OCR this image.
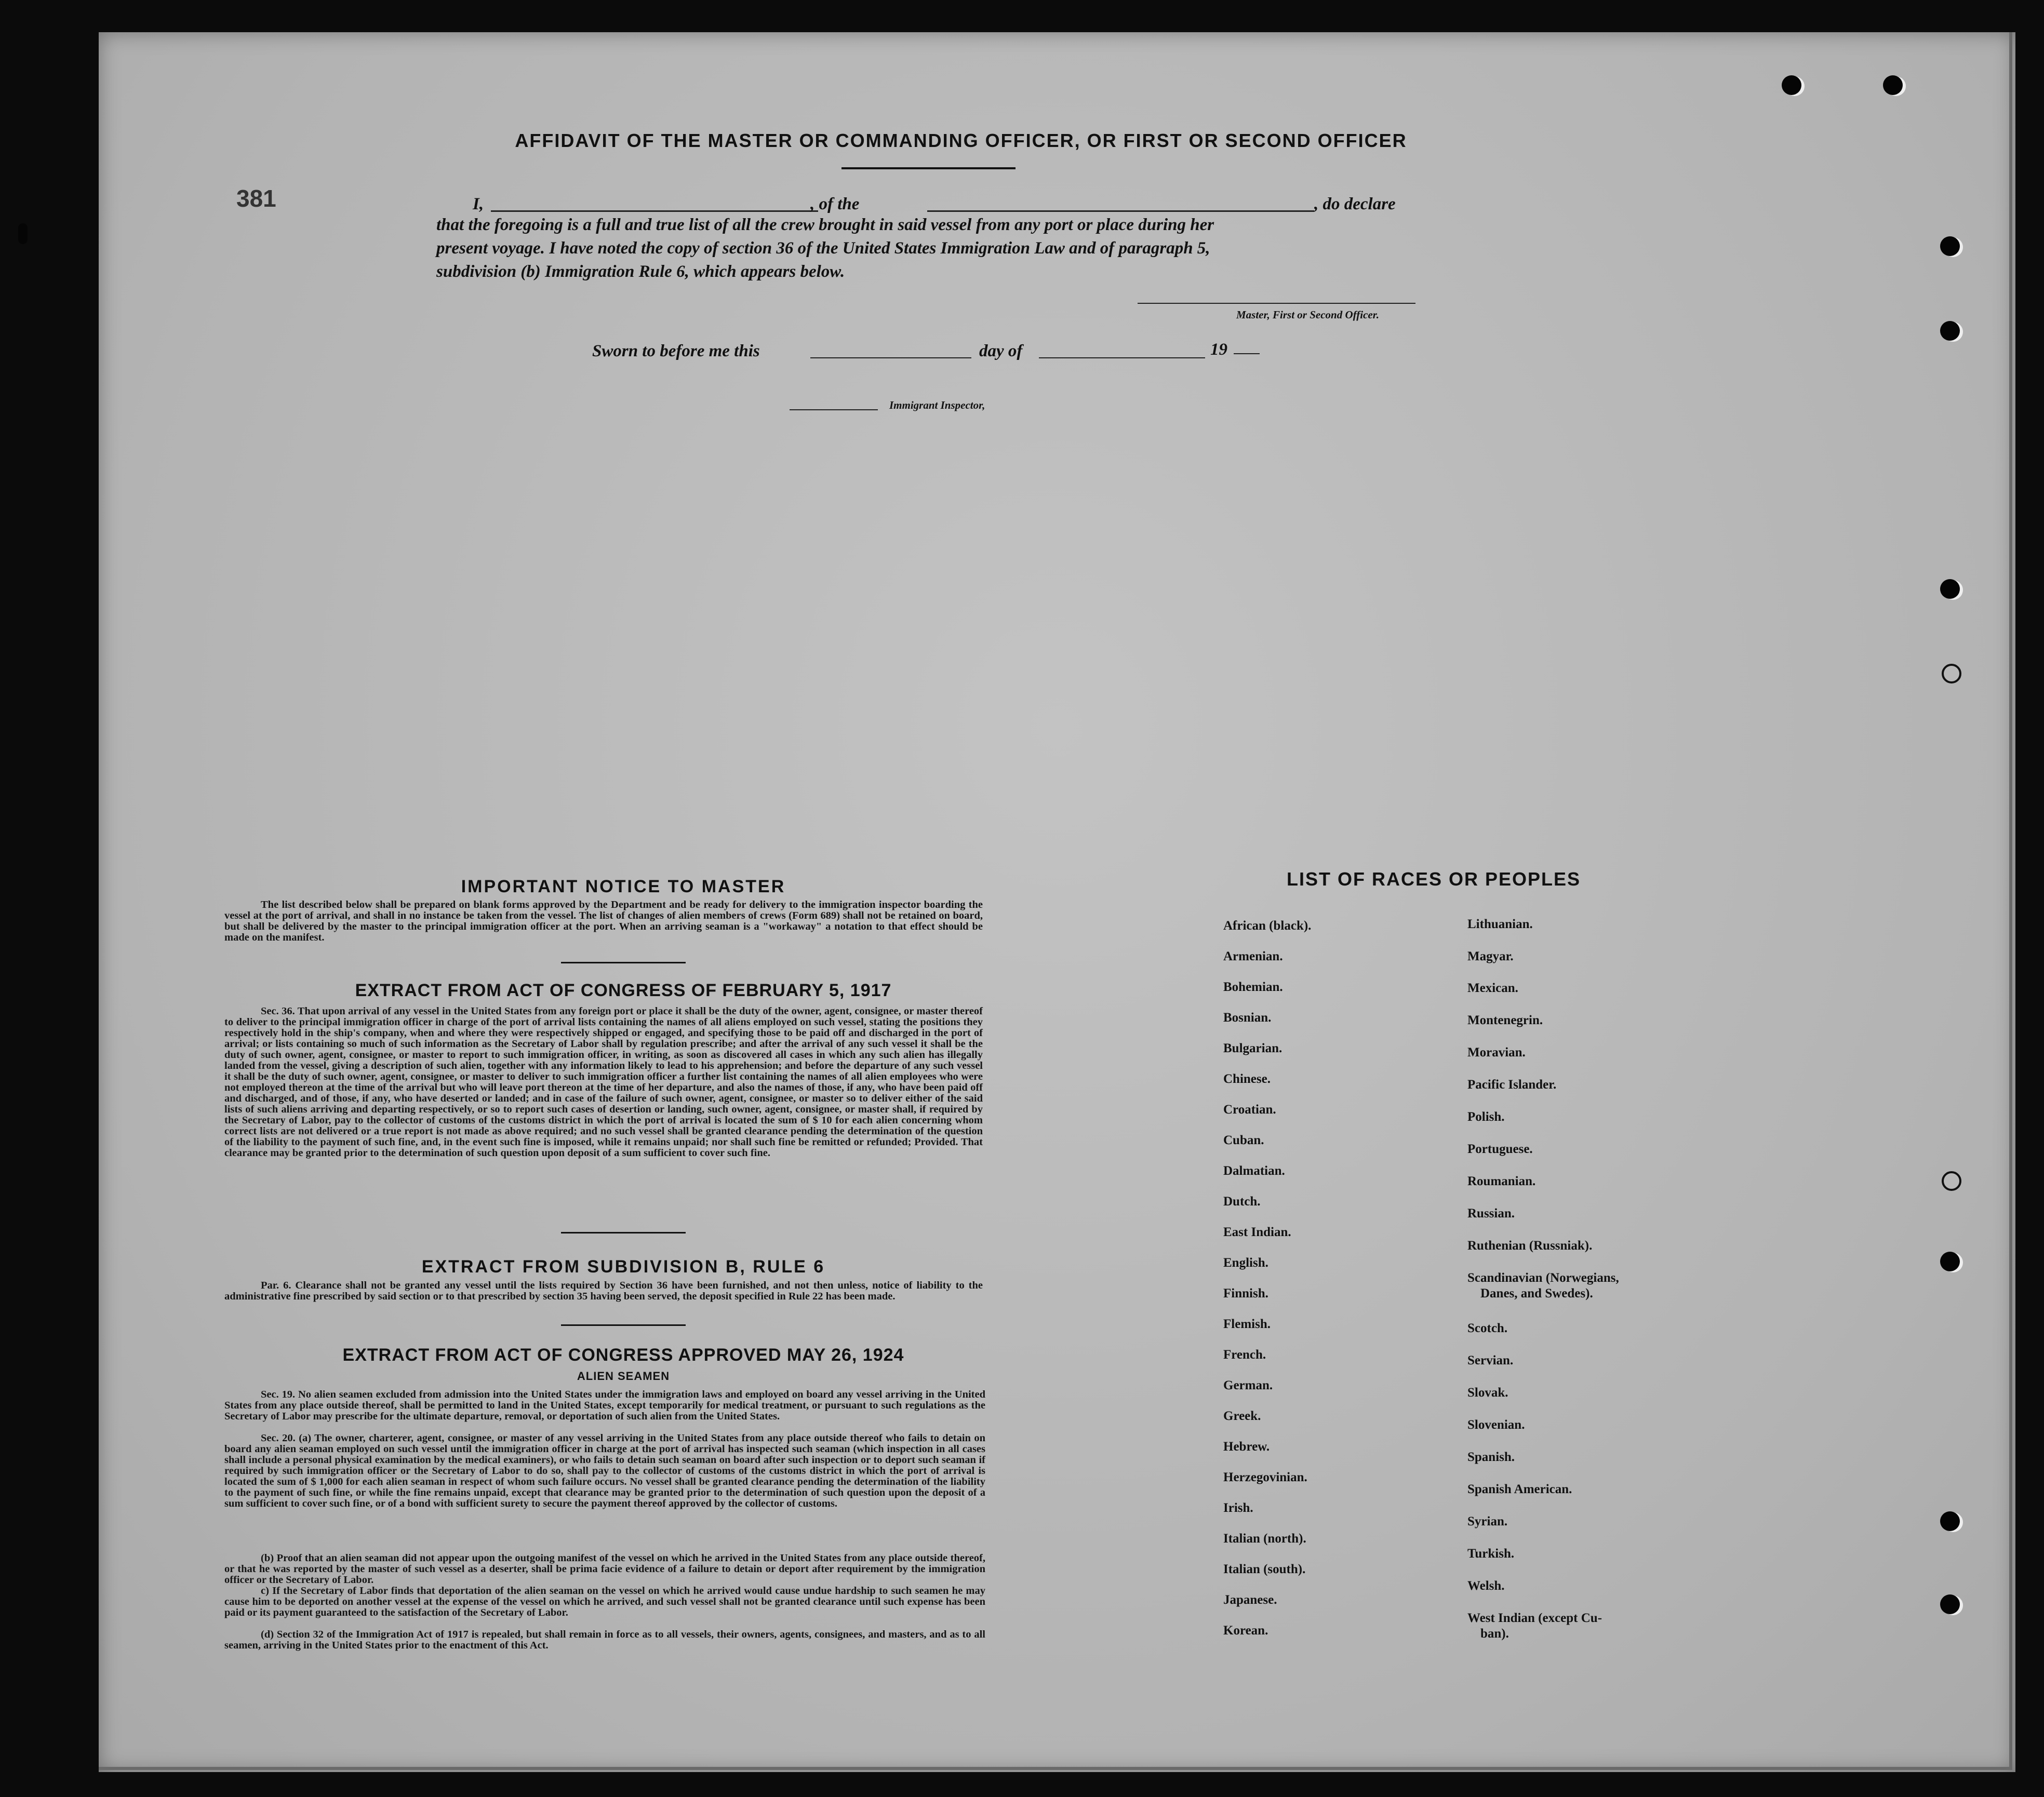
381
AFFIDAVIT OF THE MASTER OR COMMANDING OFFICER, OR FIRST OR SECOND OFFICER
I,	, of the	, do declare
that the foregoing is a full and true list of all the crew brought in said vessel from any port or place during her
present voyage. I have noted the copy of section 36 of the United States Immigration Law and of paragraph 5,
subdivision (b) Immigration Rule 6, which appears below.
Master, First or Second Officer.
Sworn to before me this	day of	19
Immigrant Inspector,
IMPORTANT NOTICE TO MASTER
The list described below shall be prepared on blank forms approved by the Department and be ready for delivery to the immigration inspector boarding the vessel at the port of arrival, and shall in no instance be taken from the vessel. The list of changes of alien members of crews (Form 689) shall not be retained on board, but shall be delivered by the master to the principal immigration officer at the port. When an arriving seaman is a "workaway" a notation to that effect should be made on the manifest.
EXTRACT FROM ACT OF CONGRESS OF FEBRUARY 5, 1917
Sec. 36. That upon arrival of any vessel in the United States from any foreign port or place it shall be the duty of the owner, agent, consignee, or master thereof to deliver to the principal immigration officer in charge of the port of arrival lists containing the names of all aliens employed on such vessel, stating the positions they respectively hold in the ship's company, when and where they were respectively shipped or engaged, and specifying those to be paid off and discharged in the port of arrival; or lists containing so much of such information as the Secretary of Labor shall by regulation prescribe; and after the arrival of any such vessel it shall be the duty of such owner, agent, consignee, or master to report to such immigration officer, in writing, as soon as discovered all cases in which any such alien has illegally landed from the vessel, giving a description of such alien, together with any information likely to lead to his apprehension; and before the departure of any such vessel it shall be the duty of such owner, agent, consignee, or master to deliver to such immigration officer a further list containing the names of all alien employees who were not employed thereon at the time of the arrival but who will leave port thereon at the time of her departure, and also the names of those, if any, who have been paid off and discharged, and of those, if any, who have deserted or landed; and in case of the failure of such owner, agent, consignee, or master so to deliver either of the said lists of such aliens arriving and departing respectively, or so to report such cases of desertion or landing, such owner, agent, consignee, or master shall, if required by the Secretary of Labor, pay to the collector of customs of the customs district in which the port of arrival is located the sum of $ 10 for each alien concerning whom correct lists are not delivered or a true report is not made as above required; and no such vessel shall be granted clearance pending the determination of the question of the liability to the payment of such fine, and, in the event such fine is imposed, while it remains unpaid; nor shall such fine be remitted or refunded; Provided. That clearance may be granted prior to the determination of such question upon deposit of a sum sufficient to cover such fine.
EXTRACT FROM SUBDIVISION B, RULE 6
Par. 6. Clearance shall not be granted any vessel until the lists required by Section 36 have been furnished, and not then unless, notice of liability to the administrative fine prescribed by said section or to that prescribed by section 35 having been served, the deposit specified in Rule 22 has been made.
EXTRACT FROM ACT OF CONGRESS APPROVED MAY 26, 1924
ALIEN SEAMEN
Sec. 19. No alien seamen excluded from admission into the United States under the immigration laws and employed on board any vessel arriving in the United States from any place outside thereof, shall be permitted to land in the United States, except temporarily for medical treatment, or pursuant to such regulations as the Secretary of Labor may prescribe for the ultimate departure, removal, or deportation of such alien from the United States.
Sec. 20. (a) The owner, charterer, agent, consignee, or master of any vessel arriving in the United States from any place outside thereof who fails to detain on board any alien seaman employed on such vessel until the immigration officer in charge at the port of arrival has inspected such seaman (which inspection in all cases shall include a personal physical examination by the medical examiners), or who fails to detain such seaman on board after such inspection or to deport such seaman if required by such immigration officer or the Secretary of Labor to do so, shall pay to the collector of customs of the customs district in which the port of arrival is located the sum of $ 1,000 for each alien seaman in respect of whom such failure occurs. No vessel shall be granted clearance pending the determination of the liability to the payment of such fine, or while the fine remains unpaid, except that clearance may be granted prior to the determination of such question upon the deposit of a sum sufficient to cover such fine, or of a bond with sufficient surety to secure the payment thereof approved by the collector of customs.
(b) Proof that an alien seaman did not appear upon the outgoing manifest of the vessel on which he arrived in the United States from any place outside thereof, or that he was reported by the master of such vessel as a deserter, shall be prima facie evidence of a failure to detain or deport after requirement by the immigration officer or the Secretary of Labor.
c) If the Secretary of Labor finds that deportation of the alien seaman on the vessel on which he arrived would cause undue hardship to such seamen he may cause him to be deported on another vessel at the expense of the vessel on which he arrived, and such vessel shall not be granted clearance until such expense has been paid or its payment guaranteed to the satisfaction of the Secretary of Labor.
(d) Section 32 of the Immigration Act of 1917 is repealed, but shall remain in force as to all vessels, their owners, agents, consignees, and masters, and as to all seamen, arriving in the United States prior to the enactment of this Act.
LIST OF RACES OR PEOPLES
African (black).
Armenian.
Bohemian.
Bosnian.
Bulgarian.
Chinese.
Croatian.
Cuban.
Dalmatian.
Dutch.
East Indian.
English.
Finnish.
Flemish.
French.
German.
Greek.
Hebrew.
Herzegovinian.
Irish.
Italian (north).
Italian (south).
Japanese.
Korean.
Lithuanian.
Magyar.
Mexican.
Montenegrin.
Moravian.
Pacific Islander.
Polish.
Portuguese.
Roumanian.
Russian.
Ruthenian (Russniak).
Scandinavian (Norwegians,
Danes, and Swedes).
Scotch.
Servian.
Slovak.
Slovenian.
Spanish.
Spanish American.
Syrian.
Turkish.
Welsh.
West Indian (except Cu-
ban).
